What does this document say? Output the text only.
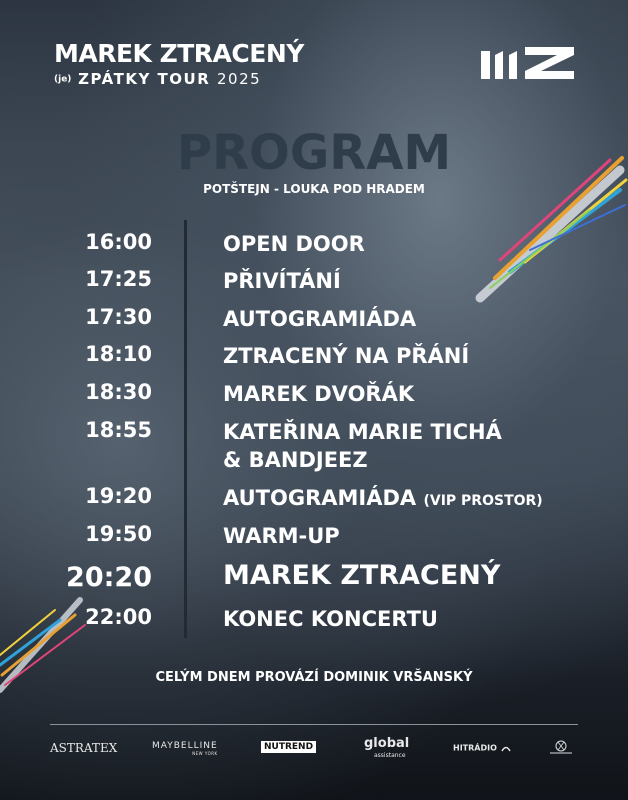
MAREK ZTRACENÝ
(je) ZPÁTKY TOUR 2025
PROGRAM
POTŠTEJN - LOUKA POD HRADEM
16:00	OPEN DOOR
17:25	PŘIVÍTÁNÍ
17:30	AUTOGRAMIÁDA
18:10	ZTRACENÝ NA PŘÁNÍ
18:30	MAREK DVOŘÁK
18:55	KATEŘINA MARIE TICHÁ
& BANDJEEZ
19:20	AUTOGRAMIÁDA (VIP PROSTOR)
19:50	WARM-UP
20:20	MAREK ZTRACENÝ
22:00	KONEC KONCERTU
CELÝM DNEM PROVÁZÍ DOMINIK VRŠANSKÝ
ASTRATEX	MAYBELLINE
NEW YORK
NUTREND	global
assistance
HITRÁDIO
